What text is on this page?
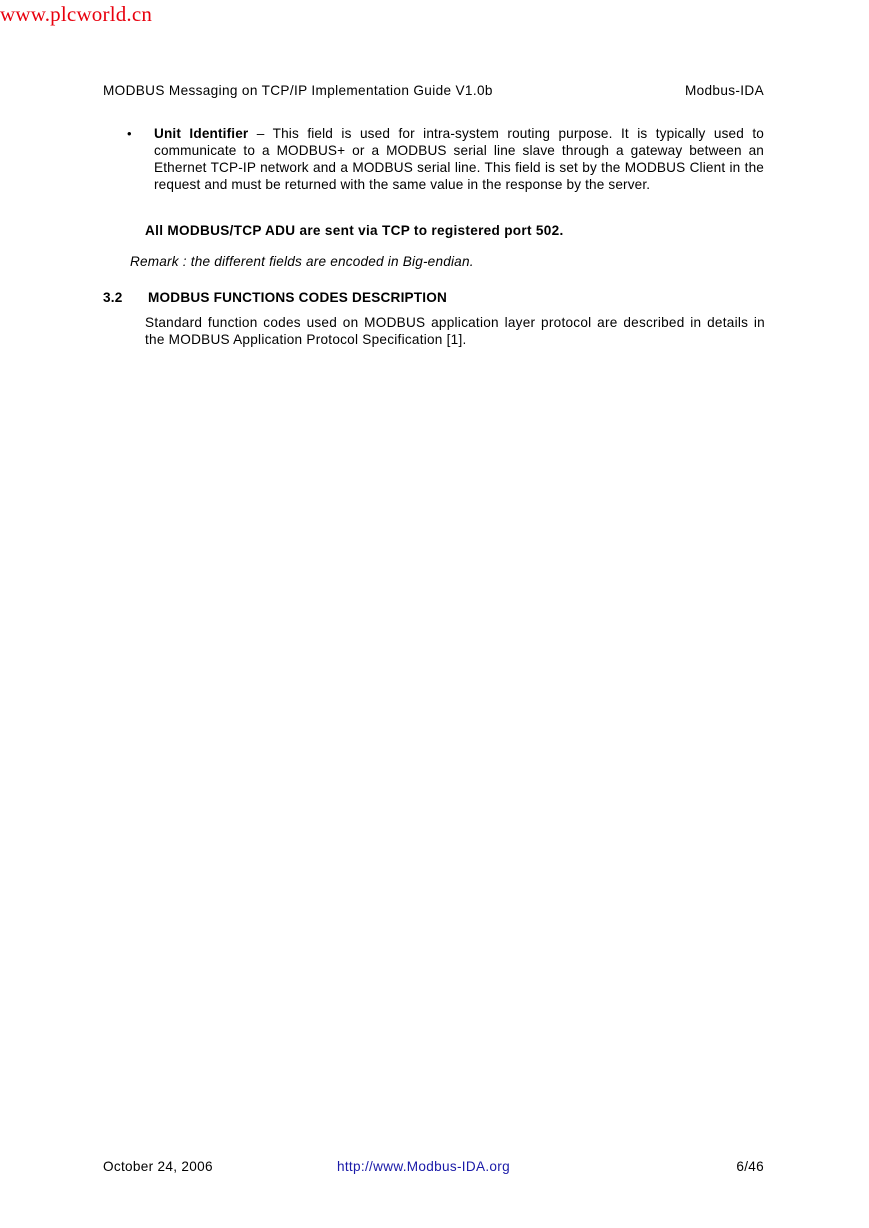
www.plcworld.cn
MODBUS Messaging on TCP/IP Implementation Guide V1.0b	Modbus-IDA
• Unit Identifier – This field is used for intra-system routing purpose. It is typically used to communicate to a MODBUS+ or a MODBUS serial line slave through a gateway between an Ethernet TCP-IP network and a MODBUS serial line. This field is set by the MODBUS Client in the request and must be returned with the same value in the response by the server.
All MODBUS/TCP ADU are sent via TCP to registered port 502.
Remark : the different fields are encoded in Big-endian.
3.2 MODBUS FUNCTIONS CODES DESCRIPTION
Standard function codes used on MODBUS application layer protocol are described in details in the MODBUS Application Protocol Specification [1].
October 24, 2006	http://www.Modbus-IDA.org	6/46
